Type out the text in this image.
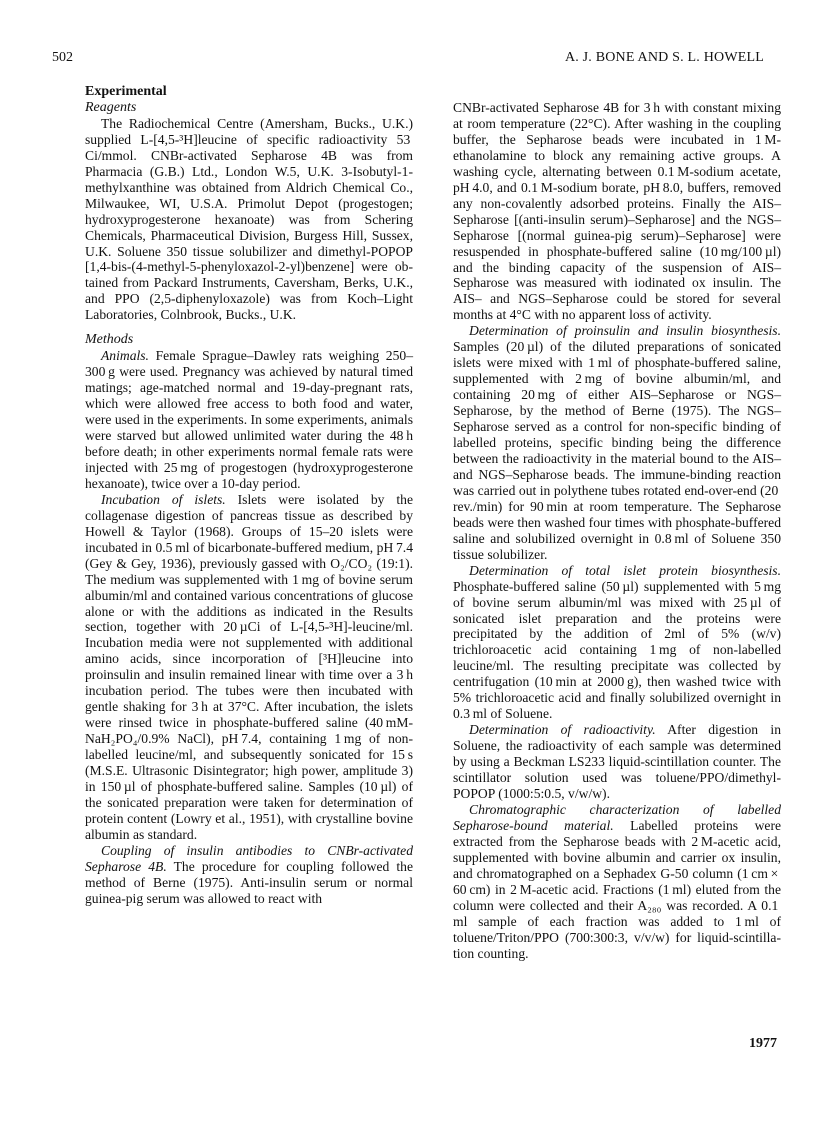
502	A. J. BONE AND S. L. HOWELL

Experimental

Reagents

The Radiochemical Centre (Amersham, Bucks., U.K.) supplied L-[4,5-³H]leucine of specific radioactivity 53 Ci/mmol. CNBr-activated Sepharose 4B was from Pharmacia (G.B.) Ltd., London W.5, U.K. 3-Isobutyl-1-methylxanthine was obtained from Aldrich Chemical Co., Milwaukee, WI, U.S.A. Primolut Depot (progestogen; hydroxyprogesterone hexanoate) was from Schering Chemicals, Pharmaceutical Division, Burgess Hill, Sussex, U.K. Soluene 350 tissue solubilizer and dimethyl-POPOP [1,4-bis-(4-methyl-5-phenyloxazol-2-yl)benzene] were obtained from Packard Instruments, Caversham, Berks, U.K., and PPO (2,5-diphenyloxazole) was from Koch–Light Laboratories, Colnbrook, Bucks., U.K.

Methods

Animals. Female Sprague–Dawley rats weighing 250–300 g were used. Pregnancy was achieved by natural timed matings; age-matched normal and 19-day-pregnant rats, which were allowed free access to both food and water, were used in the experiments. In some experiments, animals were starved but allowed unlimited water during the 48 h before death; in other experiments normal female rats were injected with 25 mg of progestogen (hydroxyprogesterone hexanoate), twice over a 10-day period.

Incubation of islets. Islets were isolated by the collagenase digestion of pancreas tissue as described by Howell & Taylor (1968). Groups of 15–20 islets were incubated in 0.5 ml of bicarbonate-buffered medium, pH 7.4 (Gey & Gey, 1936), previously gassed with O₂/CO₂ (19:1). The medium was supplemented with 1 mg of bovine serum albumin/ml and contained various concentrations of glucose alone or with the additions as indicated in the Results section, together with 20 µCi of L-[4,5-³H]-leucine/ml. Incubation media were not supplemented with additional amino acids, since incorporation of [³H]leucine into proinsulin and insulin remained linear with time over a 3 h incubation period. The tubes were then incubated with gentle shaking for 3 h at 37°C. After incubation, the islets were rinsed twice in phosphate-buffered saline (40 mM-NaH₂PO₄/0.9% NaCl), pH 7.4, containing 1 mg of non-labelled leucine/ml, and subsequently sonicated for 15 s (M.S.E. Ultrasonic Disintegrator; high power, amplitude 3) in 150 µl of phosphate-buffered saline. Samples (10 µl) of the sonicated preparation were taken for determination of protein content (Lowry et al., 1951), with crystalline bovine albumin as standard.

Coupling of insulin antibodies to CNBr-activated Sepharose 4B. The procedure for coupling followed the method of Berne (1975). Anti-insulin serum or normal guinea-pig serum was allowed to react with

CNBr-activated Sepharose 4B for 3 h with constant mixing at room temperature (22°C). After washing in the coupling buffer, the Sepharose beads were incubated in 1 M-ethanolamine to block any remaining active groups. A washing cycle, alternating between 0.1 M-sodium acetate, pH 4.0, and 0.1 M-sodium borate, pH 8.0, buffers, removed any non-covalently adsorbed proteins. Finally the AIS–Sepharose [(anti-insulin serum)–Sepharose] and the NGS–Sepharose [(normal guinea-pig serum)–Sepharose] were resuspended in phosphate-buffered saline (10 mg/100 µl) and the binding capacity of the suspension of AIS–Sepharose was measured with iodinated ox insulin. The AIS– and NGS–Sepharose could be stored for several months at 4°C with no apparent loss of activity.

Determination of proinsulin and insulin biosynthesis. Samples (20 µl) of the diluted preparations of sonicated islets were mixed with 1 ml of phosphate-buffered saline, supplemented with 2 mg of bovine albumin/ml, and containing 20 mg of either AIS–Sepharose or NGS–Sepharose, by the method of Berne (1975). The NGS–Sepharose served as a control for non-specific binding of labelled proteins, specific binding being the difference between the radioactivity in the material bound to the AIS– and NGS–Sepharose beads. The immune-binding reaction was carried out in polythene tubes rotated end-over-end (20 rev./min) for 90 min at room temperature. The Sepharose beads were then washed four times with phosphate-buffered saline and solubilized overnight in 0.8 ml of Soluene 350 tissue solubilizer.

Determination of total islet protein biosynthesis. Phosphate-buffered saline (50 µl) supplemented with 5 mg of bovine serum albumin/ml was mixed with 25 µl of sonicated islet preparation and the proteins were precipitated by the addition of 2ml of 5% (w/v) trichloroacetic acid containing 1 mg of non-labelled leucine/ml. The resulting precipitate was collected by centrifugation (10 min at 2000 g), then washed twice with 5% trichloroacetic acid and finally solubilized overnight in 0.3 ml of Soluene.

Determination of radioactivity. After digestion in Soluene, the radioactivity of each sample was determined by using a Beckman LS233 liquid-scintillation counter. The scintillator solution used was toluene/PPO/dimethyl-POPOP (1000:5:0.5, v/w/w).

Chromatographic characterization of labelled Sepharose-bound material. Labelled proteins were extracted from the Sepharose beads with 2 M-acetic acid, supplemented with bovine albumin and carrier ox insulin, and chromatographed on a Sephadex G-50 column (1 cm × 60 cm) in 2 M-acetic acid. Fractions (1 ml) eluted from the column were collected and their A₂₈₀ was recorded. A 0.1 ml sample of each fraction was added to 1 ml of toluene/Triton/PPO (700:300:3, v/v/w) for liquid-scintillation counting.

1977
